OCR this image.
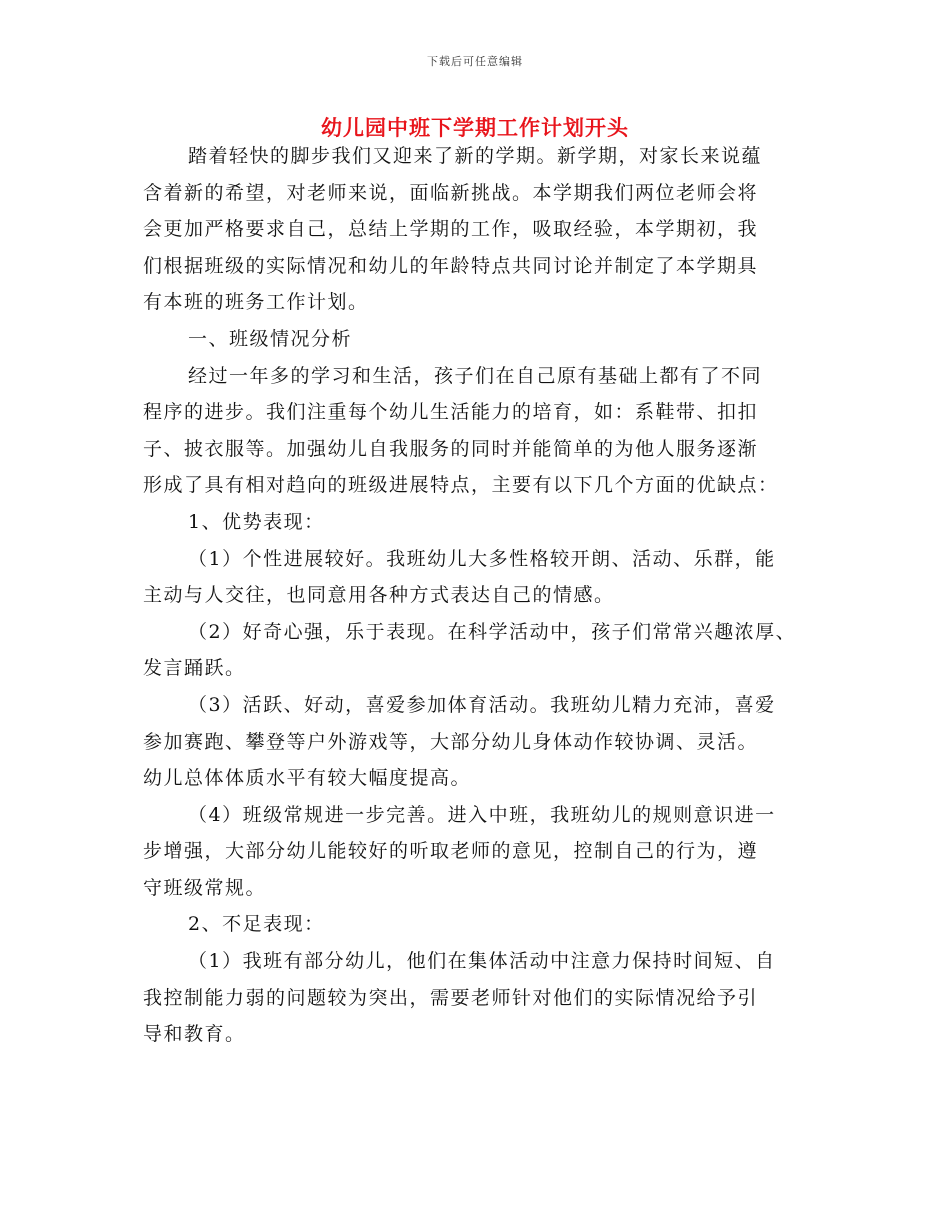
下载后可任意编辑
幼儿园中班下学期工作计划开头
踏着轻快的脚步我们又迎来了新的学期。新学期，对家长来说蕴
含着新的希望，对老师来说，面临新挑战。本学期我们两位老师会将
会更加严格要求自己，总结上学期的工作，吸取经验，本学期初，我
们根据班级的实际情况和幼儿的年龄特点共同讨论并制定了本学期具
有本班的班务工作计划。
一、班级情况分析
经过一年多的学习和生活，孩子们在自己原有基础上都有了不同
程序的进步。我们注重每个幼儿生活能力的培育，如：系鞋带、扣扣
子、披衣服等。加强幼儿自我服务的同时并能简单的为他人服务逐渐
形成了具有相对趋向的班级进展特点，主要有以下几个方面的优缺点：
1、优势表现：
（1）个性进展较好。我班幼儿大多性格较开朗、活动、乐群，能
主动与人交往，也同意用各种方式表达自己的情感。
（2）好奇心强，乐于表现。在科学活动中，孩子们常常兴趣浓厚、
发言踊跃。
（3）活跃、好动，喜爱参加体育活动。我班幼儿精力充沛，喜爱
参加赛跑、攀登等户外游戏等，大部分幼儿身体动作较协调、灵活。
幼儿总体体质水平有较大幅度提高。
（4）班级常规进一步完善。进入中班，我班幼儿的规则意识进一
步增强，大部分幼儿能较好的听取老师的意见，控制自己的行为，遵
守班级常规。
2、不足表现：
（1）我班有部分幼儿，他们在集体活动中注意力保持时间短、自
我控制能力弱的问题较为突出，需要老师针对他们的实际情况给予引
导和教育。
